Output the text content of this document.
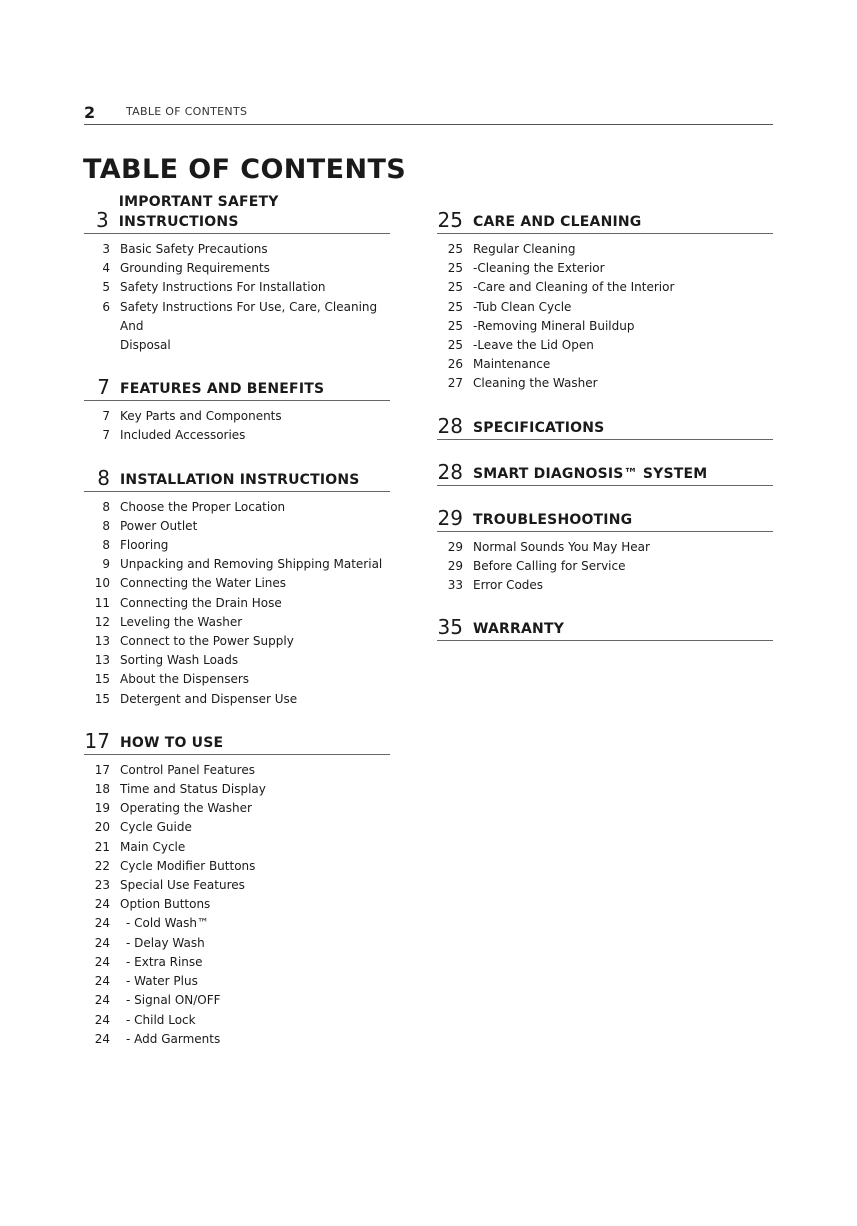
2	TABLE OF CONTENTS
TABLE OF CONTENTS
3
IMPORTANT SAFETY INSTRUCTIONS
3 Basic Safety Precautions
4 Grounding Requirements
5 Safety Instructions For Installation
6 Safety Instructions For Use, Care, Cleaning And
Disposal
7 FEATURES AND BENEFITS
7 Key Parts and Components
7 Included Accessories
8 INSTALLATION INSTRUCTIONS
8 Choose the Proper Location
8 Power Outlet
8 Flooring
9 Unpacking and Removing Shipping Material
10 Connecting the Water Lines
11 Connecting the Drain Hose
12 Leveling the Washer
13 Connect to the Power Supply
13 Sorting Wash Loads
15 About the Dispensers
15 Detergent and Dispenser Use
17 HOW TO USE
17 Control Panel Features
18 Time and Status Display
19 Operating the Washer
20 Cycle Guide
21 Main Cycle
22 Cycle Modifier Buttons
23 Special Use Features
24 Option Buttons
24 - Cold Wash™
24 - Delay Wash
24 - Extra Rinse
24 - Water Plus
24 - Signal ON/OFF
24 - Child Lock
24 - Add Garments
25 CARE AND CLEANING
25 Regular Cleaning
25 -Cleaning the Exterior
25 -Care and Cleaning of the Interior
25 -Tub Clean Cycle
25 -Removing Mineral Buildup
25 -Leave the Lid Open
26 Maintenance
27 Cleaning the Washer
28 SPECIFICATIONS
28 SMART DIAGNOSIS™ SYSTEM
29 TROUBLESHOOTING
29 Normal Sounds You May Hear
29 Before Calling for Service
33 Error Codes
35 WARRANTY
